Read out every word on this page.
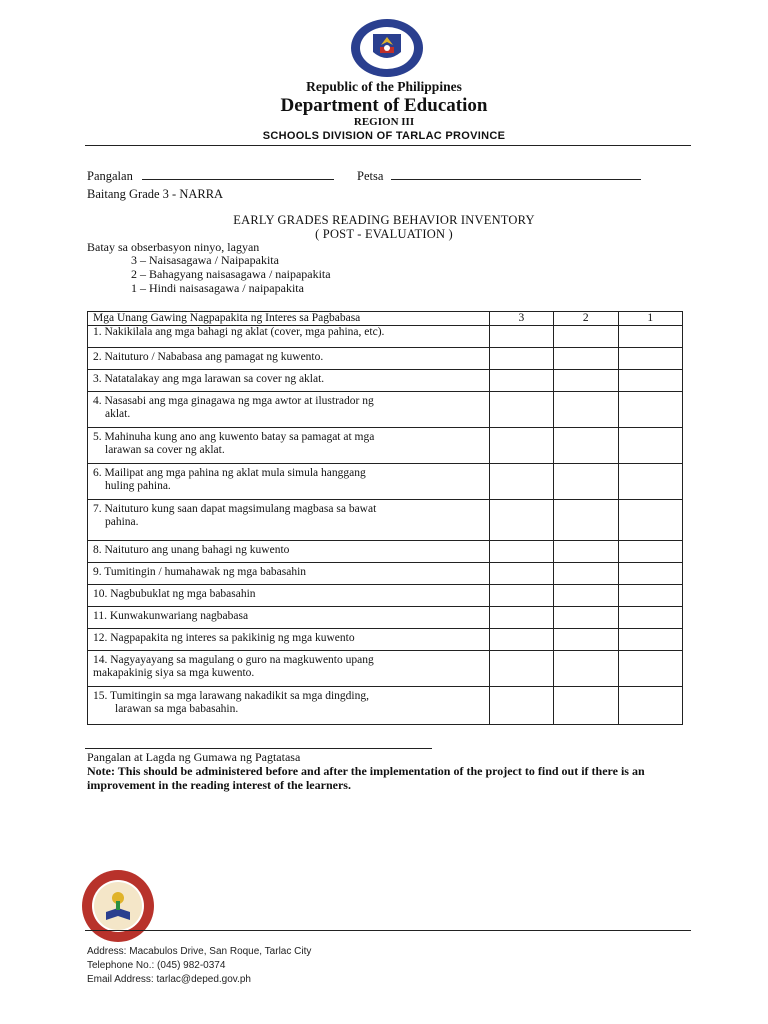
Republic of the Philippines
Department of Education
REGION III
SCHOOLS DIVISION OF TARLAC PROVINCE
Pangalan	Petsa
Baitang Grade 3 - NARRA
EARLY GRADES READING BEHAVIOR INVENTORY
( POST - EVALUATION )
Batay sa obserbasyon ninyo, lagyan
3 – Naisasagawa / Naipapakita
2 – Bahagyang naisasagawa / naipapakita
1 – Hindi naisasagawa / naipapakita
Mga Unang Gawing Nagpapakita ng Interes sa Pagbabasa	3	2	1
1. Nakikilala ang mga bahagi ng aklat (cover, mga pahina, etc).			
2. Naituturo / Nababasa ang pamagat ng kuwento.			
3. Natatalakay ang mga larawan sa cover ng aklat.			

4. Nasasabi ang mga ginagawa ng mga awtor at ilustrador ng
aklat.			

5. Mahinuha kung ano ang kuwento batay sa pamagat at mga
larawan sa cover ng aklat.			

6. Mailipat ang mga pahina ng aklat mula simula hanggang
huling pahina.			

7. Naituturo kung saan dapat magsimulang magbasa sa bawat
pahina.			

8. Naituturo ang unang bahagi ng kuwento			
9. Tumitingin / humahawak ng mga babasahin			
10. Nagbubuklat ng mga babasahin			
11. Kunwakunwariang nagbabasa			
12. Nagpapakita ng interes sa pakikinig ng mga kuwento			

14. Nagyayayang sa magulang o guro na magkuwento upang
makapakinig siya sa mga kuwento.			

15. Tumitingin sa mga larawang nakadikit sa mga dingding,
larawan sa mga babasahin.			

Pangalan at Lagda ng Gumawa ng Pagtatasa
Note: This should be administered before and after the implementation of the project to find out if there is an improvement in the reading interest of the learners.
Address: Macabulos Drive, San Roque, Tarlac City
Telephone No.: (045) 982-0374
Email Address: tarlac@deped.gov.ph
